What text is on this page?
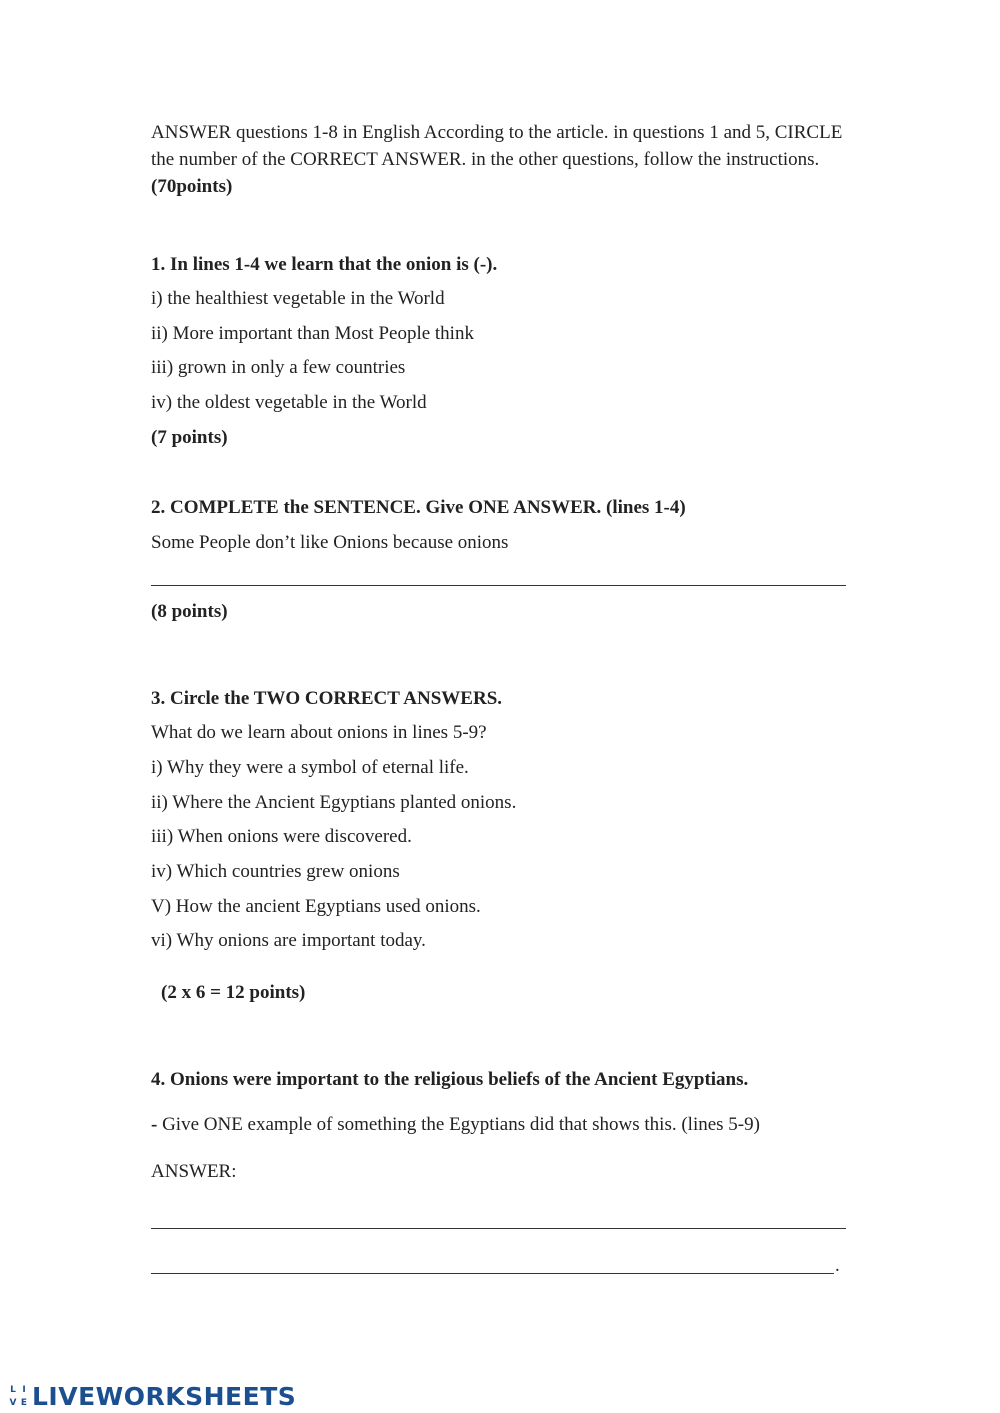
ANSWER questions 1-8 in English According to the article. in questions 1 and 5, CIRCLE the number of the CORRECT ANSWER. in the other questions, follow the instructions. (70points)
1. In lines 1-4 we learn that the onion is (-).
i) the healthiest vegetable in the World
ii) More important than Most People think
iii) grown in only a few countries
iv) the oldest vegetable in the World
(7 points)
2. COMPLETE the SENTENCE. Give ONE ANSWER. (lines 1-4)
Some People don’t like Onions because onions
(8 points)
3. Circle the TWO CORRECT ANSWERS.
What do we learn about onions in lines 5-9?
i) Why they were a symbol of eternal life.
ii) Where the Ancient Egyptians planted onions.
iii) When onions were discovered.
iv) Which countries grew onions
V) How the ancient Egyptians used onions.
vi) Why onions are important today.
(2 x 6 = 12 points)
4. Onions were important to the religious beliefs of the Ancient Egyptians.
- Give ONE example of something the Egyptians did that shows this. (lines 5-9)
ANSWER:
.
L I
V E LIVEWORKSHEETS
